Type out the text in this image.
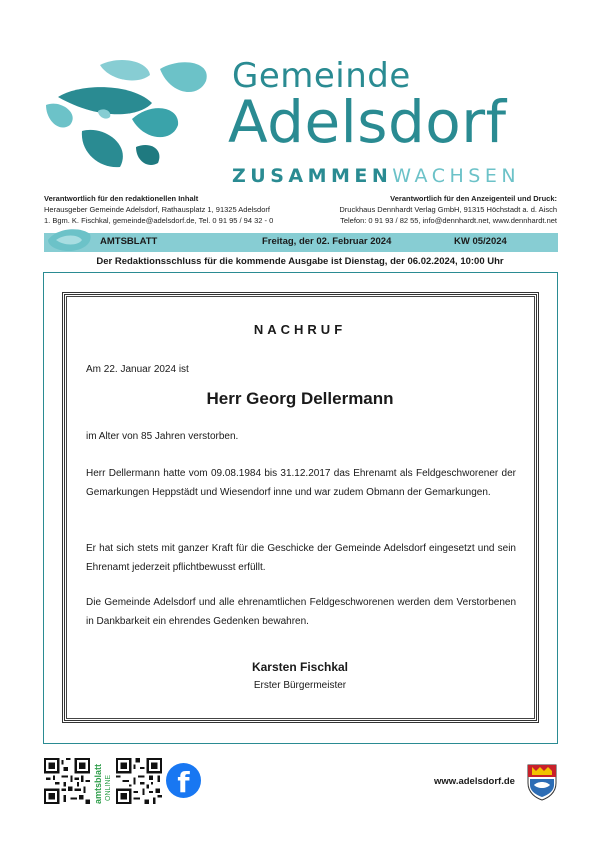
Gemeinde
Adelsdorf
ZUSAMMENWACHSEN
Verantwortlich für den redaktionellen Inhalt
Herausgeber Gemeinde Adelsdorf, Rathausplatz 1, 91325 Adelsdorf
1. Bgm. K. Fischkal, gemeinde@adelsdorf.de, Tel. 0 91 95 / 94 32 - 0
Verantwortlich für den Anzeigenteil und Druck:
Druckhaus Dennhardt Verlag GmbH, 91315 Höchstadt a. d. Aisch
Telefon: 0 91 93 / 82 55, info@dennhardt.net, www.dennhardt.net
AMTSBLATT	Freitag, der 02. Februar 2024	KW 05/2024
Der Redaktionsschluss für die kommende Ausgabe ist Dienstag, der 06.02.2024, 10:00 Uhr
NACHRUF
Am 22. Januar 2024 ist
Herr Georg Dellermann
im Alter von 85 Jahren verstorben.
Herr Dellermann hatte vom 09.08.1984 bis 31.12.2017 das Ehrenamt als Feldgeschworener der Gemarkungen Heppstädt und Wiesendorf inne und war zudem Obmann der Gemarkungen.
Er hat sich stets mit ganzer Kraft für die Geschicke der Gemeinde Adelsdorf eingesetzt und sein Ehrenamt jederzeit pflichtbewusst erfüllt.
Die Gemeinde Adelsdorf und alle ehrenamtlichen Feldgeschworenen werden dem Verstorbenen in Dankbarkeit ein ehrendes Gedenken bewahren.
Karsten Fischkal
Erster Bürgermeister
amtsblatt ONLINE	f	www.adelsdorf.de
